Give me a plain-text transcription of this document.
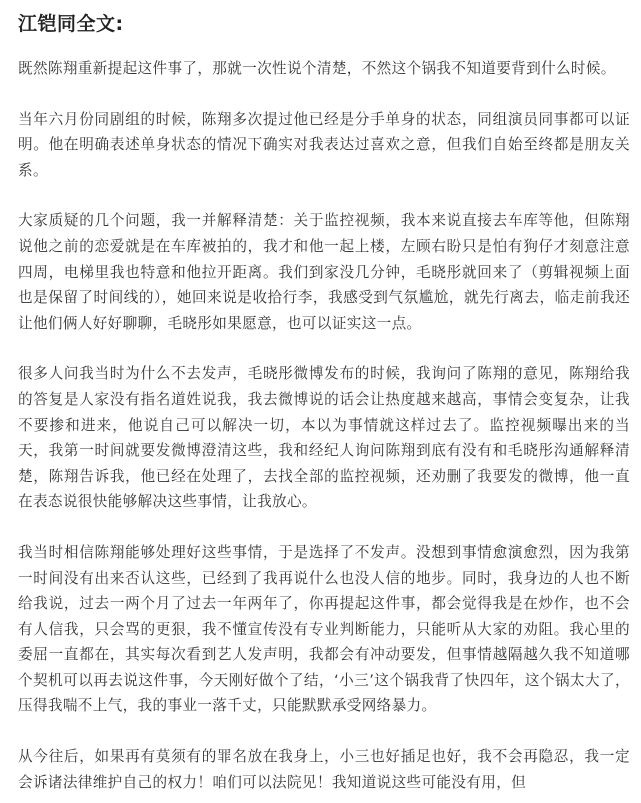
江铠同全文:

既然陈翔重新提起这件事了，那就一次性说个清楚，不然这个锅我不知道要背到什么时候。

当年六月份同剧组的时候，陈翔多次提过他已经是分手单身的状态，同组演员同事都可以证明。他在明确表述单身状态的情况下确实对我表达过喜欢之意，但我们自始至终都是朋友关系。

大家质疑的几个问题，我一并解释清楚：关于监控视频，我本来说直接去车库等他，但陈翔说他之前的恋爱就是在车库被拍的，我才和他一起上楼，左顾右盼只是怕有狗仔才刻意注意四周，电梯里我也特意和他拉开距离。我们到家没几分钟，毛晓彤就回来了（剪辑视频上面也是保留了时间线的），她回来说是收拾行李，我感受到气氛尴尬，就先行离去，临走前我还让他们俩人好好聊聊，毛晓彤如果愿意，也可以证实这一点。

很多人问我当时为什么不去发声，毛晓彤微博发布的时候，我询问了陈翔的意见，陈翔给我的答复是人家没有指名道姓说我，我去微博说的话会让热度越来越高，事情会变复杂，让我不要掺和进来，他说自己可以解决一切，本以为事情就这样过去了。监控视频曝出来的当天，我第一时间就要发微博澄清这些，我和经纪人询问陈翔到底有没有和毛晓彤沟通解释清楚，陈翔告诉我，他已经在处理了，去找全部的监控视频，还劝删了我要发的微博，他一直在表态说很快能够解决这些事情，让我放心。

我当时相信陈翔能够处理好这些事情，于是选择了不发声。没想到事情愈演愈烈，因为我第一时间没有出来否认这些，已经到了我再说什么也没人信的地步。同时，我身边的人也不断给我说，过去一两个月了过去一年两年了，你再提起这件事，都会觉得我是在炒作，也不会有人信我，只会骂的更狠，我不懂宣传没有专业判断能力，只能听从大家的劝阻。我心里的委屈一直都在，其实每次看到艺人发声明，我都会有冲动要发，但事情越隔越久我不知道哪个契机可以再去说这件事，今天刚好做个了结，‘小三’这个锅我背了快四年，这个锅太大了，压得我喘不上气，我的事业一落千丈，只能默默承受网络暴力。

从今往后，如果再有莫须有的罪名放在我身上，小三也好插足也好，我不会再隐忍，我一定会诉诸法律维护自己的权力！咱们可以法院见！我知道说这些可能没有用，但
